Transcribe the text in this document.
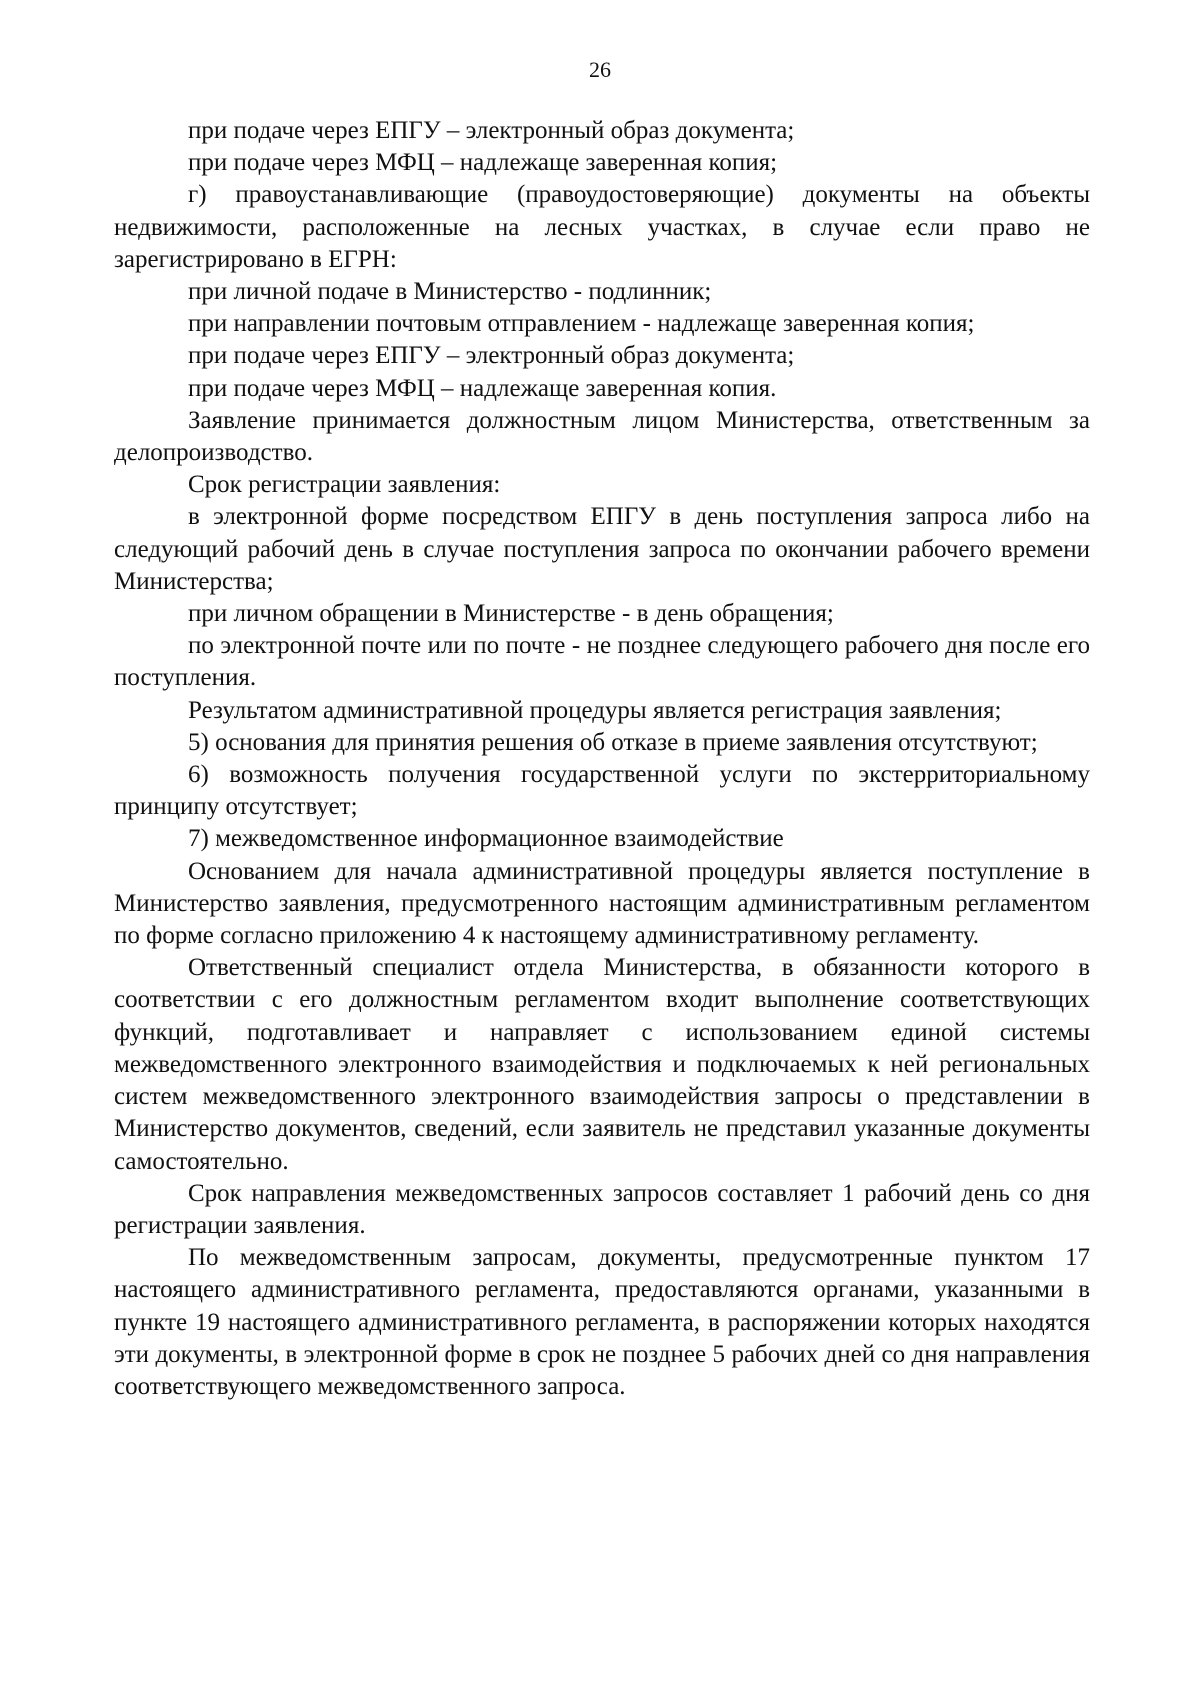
26

при подаче через ЕПГУ – электронный образ документа;

при подаче через МФЦ – надлежаще заверенная копия;

г) правоустанавливающие (правоудостоверяющие) документы на объекты недвижимости, расположенные на лесных участках, в случае если право не зарегистрировано в ЕГРН:

при личной подаче в Министерство - подлинник;

при направлении почтовым отправлением - надлежаще заверенная копия;

при подаче через ЕПГУ – электронный образ документа;

при подаче через МФЦ – надлежаще заверенная копия.

Заявление принимается должностным лицом Министерства, ответственным за делопроизводство.

Срок регистрации заявления:

в электронной форме посредством ЕПГУ в день поступления запроса либо на следующий рабочий день в случае поступления запроса по окончании рабочего времени Министерства;

при личном обращении в Министерстве - в день обращения;

по электронной почте или по почте - не позднее следующего рабочего дня после его поступления.

Результатом административной процедуры является регистрация заявления;

5) основания для принятия решения об отказе в приеме заявления отсутствуют;

6) возможность получения государственной услуги по экстерриториальному принципу отсутствует;

7) межведомственное информационное взаимодействие

Основанием для начала административной процедуры является поступление в Министерство заявления, предусмотренного настоящим административным регламентом по форме согласно приложению 4 к настоящему административному регламенту.

Ответственный специалист отдела Министерства, в обязанности которого в соответствии с его должностным регламентом входит выполнение соответствующих функций, подготавливает и направляет с использованием единой системы межведомственного электронного взаимодействия и подключаемых к ней региональных систем межведомственного электронного взаимодействия запросы о представлении в Министерство документов, сведений, если заявитель не представил указанные документы самостоятельно.

Срок направления межведомственных запросов составляет 1 рабочий день со дня регистрации заявления.

По межведомственным запросам, документы, предусмотренные пунктом 17 настоящего административного регламента, предоставляются органами, указанными в пункте 19 настоящего административного регламента, в распоряжении которых находятся эти документы, в электронной форме в срок не позднее 5 рабочих дней со дня направления соответствующего межведомственного запроса.
